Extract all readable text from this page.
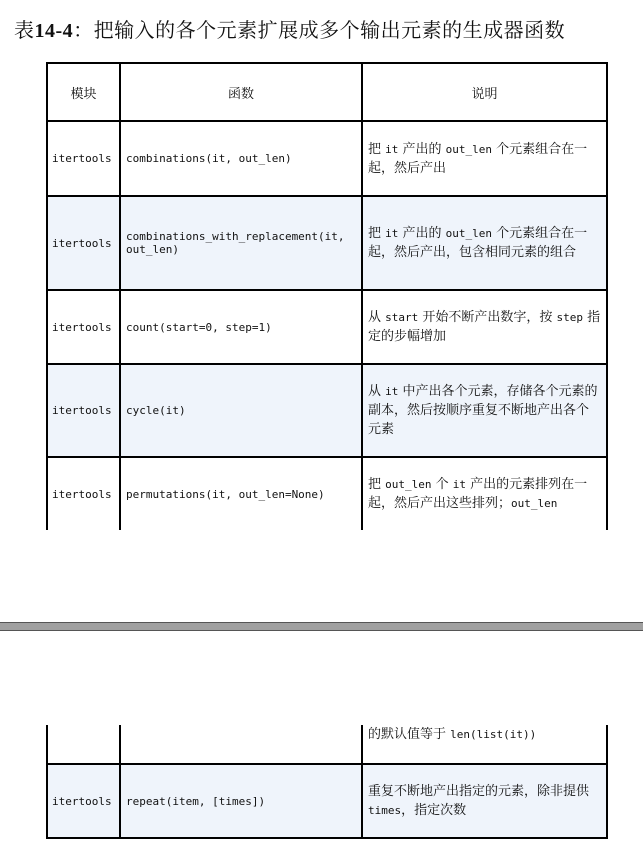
表14-4：把输入的各个元素扩展成多个输出元素的生成器函数
模块	函数	说明
itertools	combinations(it, out_len)	把 it 产出的 out_len 个元素组合在一起，然后产出
itertools	combinations_with_replacement(it, out_len)	把 it 产出的 out_len 个元素组合在一起，然后产出，包含相同元素的组合
itertools	count(start=0, step=1)	从 start 开始不断产出数字，按 step 指定的步幅增加
itertools	cycle(it)	从 it 中产出各个元素，存储各个元素的副本，然后按顺序重复不断地产出各个元素
itertools	permutations(it, out_len=None)	把 out_len 个 it 产出的元素排列在一起，然后产出这些排列；out_len
		的默认值等于 len(list(it))
itertools	repeat(item, [times])	重复不断地产出指定的元素，除非提供 times，指定次数
